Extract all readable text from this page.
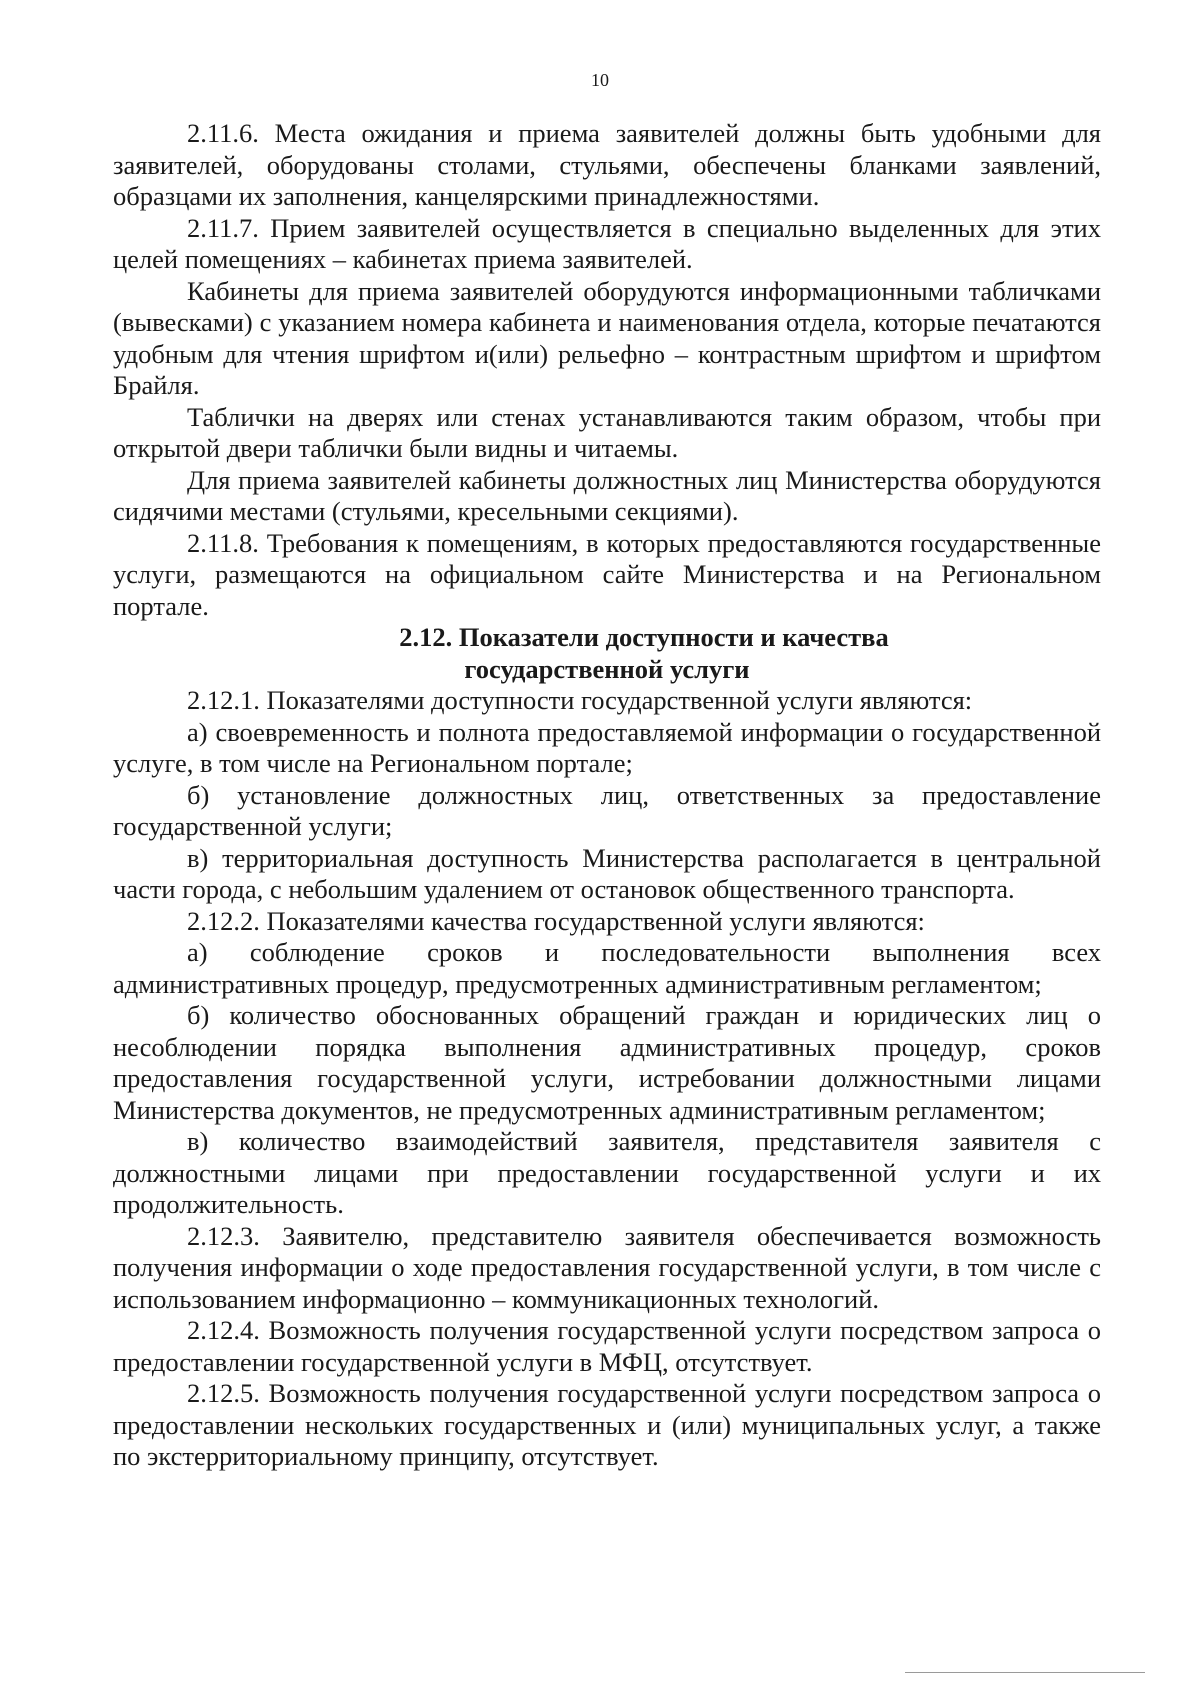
10

2.11.6. Места ожидания и приема заявителей должны быть удобными для заявителей, оборудованы столами, стульями, обеспечены бланками заявлений, образцами их заполнения, канцелярскими принадлежностями.

2.11.7. Прием заявителей осуществляется в специально выделенных для этих целей помещениях – кабинетах приема заявителей.

Кабинеты для приема заявителей оборудуются информационными табличками (вывесками) с указанием номера кабинета и наименования отдела, которые печатаются удобным для чтения шрифтом и(или) рельефно – контрастным шрифтом и шрифтом Брайля.

Таблички на дверях или стенах устанавливаются таким образом, чтобы при открытой двери таблички были видны и читаемы.

Для приема заявителей кабинеты должностных лиц Министерства оборудуются сидячими местами (стульями, кресельными секциями).

2.11.8. Требования к помещениям, в которых предоставляются государственные услуги, размещаются на официальном сайте Министерства и на Региональном портале.

2.12. Показатели доступности и качества
государственной услуги

2.12.1. Показателями доступности государственной услуги являются:

а) своевременность и полнота предоставляемой информации о государственной услуге, в том числе на Региональном портале;

б) установление должностных лиц, ответственных за предоставление государственной услуги;

в) территориальная доступность Министерства располагается в центральной части города, с небольшим удалением от остановок общественного транспорта.

2.12.2. Показателями качества государственной услуги являются:

а) соблюдение сроков и последовательности выполнения всех административных процедур, предусмотренных административным регламентом;

б) количество обоснованных обращений граждан и юридических лиц о несоблюдении порядка выполнения административных процедур, сроков предоставления государственной услуги, истребовании должностными лицами Министерства документов, не предусмотренных административным регламентом;

в) количество взаимодействий заявителя, представителя заявителя с должностными лицами при предоставлении государственной услуги и их продолжительность.

2.12.3. Заявителю, представителю заявителя обеспечивается возможность получения информации о ходе предоставления государственной услуги, в том числе с использованием информационно – коммуникационных технологий.

2.12.4. Возможность получения государственной услуги посредством запроса о предоставлении государственной услуги в МФЦ, отсутствует.

2.12.5. Возможность получения государственной услуги посредством запроса о предоставлении нескольких государственных и (или) муниципальных услуг, а также по экстерриториальному принципу, отсутствует.
